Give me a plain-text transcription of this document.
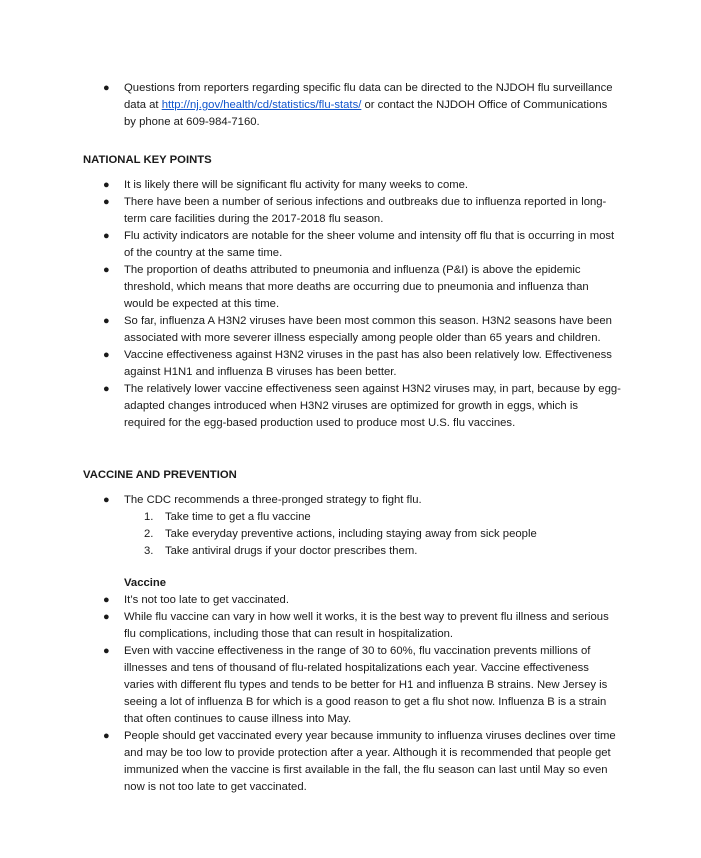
● Questions from reporters regarding specific flu data can be directed to the NJDOH flu surveillance data at http://nj.gov/health/cd/statistics/flu-stats/ or contact the NJDOH Office of Communications by phone at 609-984-7160.
NATIONAL KEY POINTS
● It is likely there will be significant flu activity for many weeks to come.
● There have been a number of serious infections and outbreaks due to influenza reported in long-term care facilities during the 2017-2018 flu season.
● Flu activity indicators are notable for the sheer volume and intensity off flu that is occurring in most of the country at the same time.
● The proportion of deaths attributed to pneumonia and influenza (P&I) is above the epidemic threshold, which means that more deaths are occurring due to pneumonia and influenza than would be expected at this time.
● So far, influenza A H3N2 viruses have been most common this season. H3N2 seasons have been associated with more severer illness especially among people older than 65 years and children.
● Vaccine effectiveness against H3N2 viruses in the past has also been relatively low. Effectiveness against H1N1 and influenza B viruses has been better.
● The relatively lower vaccine effectiveness seen against H3N2 viruses may, in part, because by egg-adapted changes introduced when H3N2 viruses are optimized for growth in eggs, which is required for the egg-based production used to produce most U.S. flu vaccines.
VACCINE AND PREVENTION
● The CDC recommends a three-pronged strategy to fight flu.
1. Take time to get a flu vaccine
2. Take everyday preventive actions, including staying away from sick people
3. Take antiviral drugs if your doctor prescribes them.
Vaccine
● It’s not too late to get vaccinated.
● While flu vaccine can vary in how well it works, it is the best way to prevent flu illness and serious flu complications, including those that can result in hospitalization.
● Even with vaccine effectiveness in the range of 30 to 60%, flu vaccination prevents millions of illnesses and tens of thousand of flu-related hospitalizations each year. Vaccine effectiveness varies with different flu types and tends to be better for H1 and influenza B strains. New Jersey is seeing a lot of influenza B for which is a good reason to get a flu shot now. Influenza B is a strain that often continues to cause illness into May.
● People should get vaccinated every year because immunity to influenza viruses declines over time and may be too low to provide protection after a year. Although it is recommended that people get immunized when the vaccine is first available in the fall, the flu season can last until May so even now is not too late to get vaccinated.
